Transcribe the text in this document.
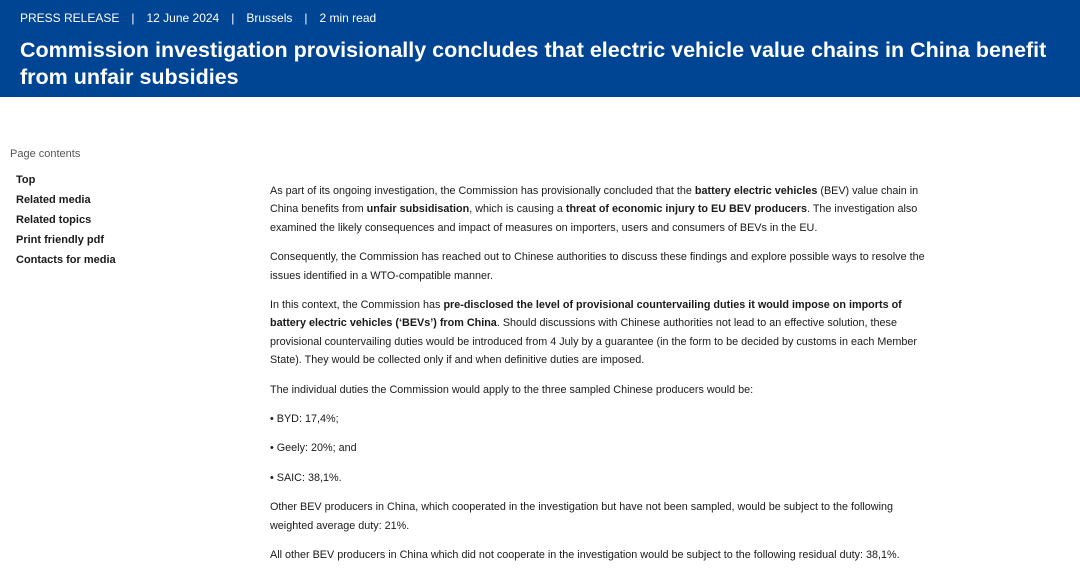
PRESS RELEASE | 12 June 2024 | Brussels | 2 min read
Commission investigation provisionally concludes that electric vehicle value chains in China benefit from unfair subsidies
Page contents
Top
Related media
Related topics
Print friendly pdf
Contacts for media

As part of its ongoing investigation, the Commission has provisionally concluded that the battery electric vehicles (BEV) value chain in China benefits from unfair subsidisation, which is causing a threat of economic injury to EU BEV producers. The investigation also examined the likely consequences and impact of measures on importers, users and consumers of BEVs in the EU.

Consequently, the Commission has reached out to Chinese authorities to discuss these findings and explore possible ways to resolve the issues identified in a WTO-compatible manner.

In this context, the Commission has pre-disclosed the level of provisional countervailing duties it would impose on imports of battery electric vehicles (‘BEVs’) from China. Should discussions with Chinese authorities not lead to an effective solution, these provisional countervailing duties would be introduced from 4 July by a guarantee (in the form to be decided by customs in each Member State). They would be collected only if and when definitive duties are imposed.

The individual duties the Commission would apply to the three sampled Chinese producers would be:

• BYD: 17,4%;

• Geely: 20%; and

• SAIC: 38,1%.

Other BEV producers in China, which cooperated in the investigation but have not been sampled, would be subject to the following weighted average duty: 21%.

All other BEV producers in China which did not cooperate in the investigation would be subject to the following residual duty: 38,1%.
